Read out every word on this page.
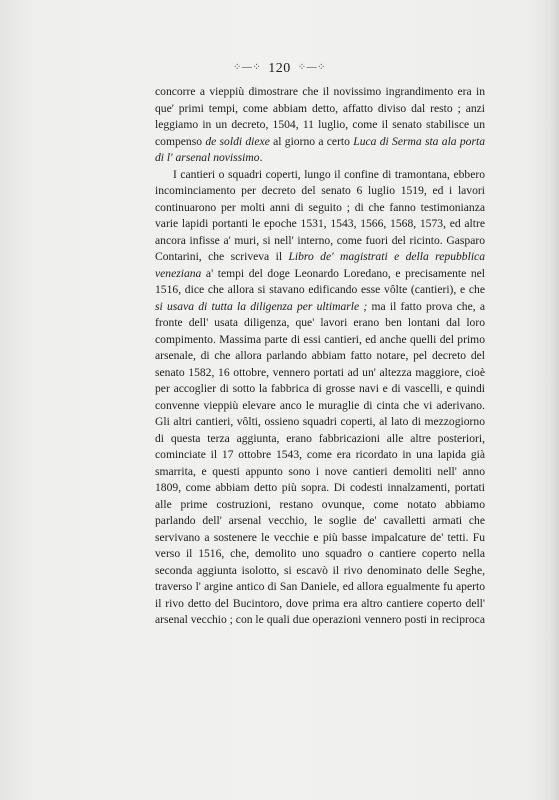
⁘—⁘ 120 ⁘—⁘

concorre a vieppiù dimostrare che il novissimo ingrandimento era in que' primi tempi, come abbiam detto, affatto diviso dal resto ; anzi leggiamo in un decreto, 1504, 11 luglio, come il senato stabilisce un compenso de soldi diexe al giorno a certo Luca di Serma sta ala porta di l' arsenal novissimo.

I cantieri o squadri coperti, lungo il confine di tramontana, ebbero incominciamento per decreto del senato 6 luglio 1519, ed i lavori continuarono per molti anni di seguito ; di che fanno testimonianza varie lapidi portanti le epoche 1531, 1543, 1566, 1568, 1573, ed altre ancora infisse a' muri, si nell' interno, come fuori del ricinto. Gasparo Contarini, che scriveva il Libro de' magistrati e della repubblica veneziana a' tempi del doge Leonardo Loredano, e precisamente nel 1516, dice che allora si stavano edificando esse vôlte (cantieri), e che si usava di tutta la diligenza per ultimarle ; ma il fatto prova che, a fronte dell' usata diligenza, que' lavori erano ben lontani dal loro compimento. Massima parte di essi cantieri, ed anche quelli del primo arsenale, di che allora parlando abbiam fatto notare, pel decreto del senato 1582, 16 ottobre, vennero portati ad un' altezza maggiore, cioè per accoglier di sotto la fabbrica di grosse navi e di vascelli, e quindi convenne vieppiù elevare anco le muraglie di cinta che vi aderivano. Gli altri cantieri, vôlti, ossieno squadri coperti, al lato di mezzogiorno di questa terza aggiunta, erano fabbricazioni alle altre posteriori, cominciate il 17 ottobre 1543, come era ricordato in una lapida già smarrita, e questi appunto sono i nove cantieri demoliti nell' anno 1809, come abbiam detto più sopra. Di codesti innalzamenti, portati alle prime costruzioni, restano ovunque, come notato abbiamo parlando dell' arsenal vecchio, le soglie de' cavalletti armati che servivano a sostenere le vecchie e più basse impalcature de' tetti. Fu verso il 1516, che, demolito uno squadro o cantiere coperto nella seconda aggiunta isolotto, si escavò il rivo denominato delle Seghe, traverso l' argine antico di San Daniele, ed allora egualmente fu aperto il rivo detto del Bucintoro, dove prima era altro cantiere coperto dell' arsenal vecchio ; con le quali due operazioni vennero posti in reciproca
